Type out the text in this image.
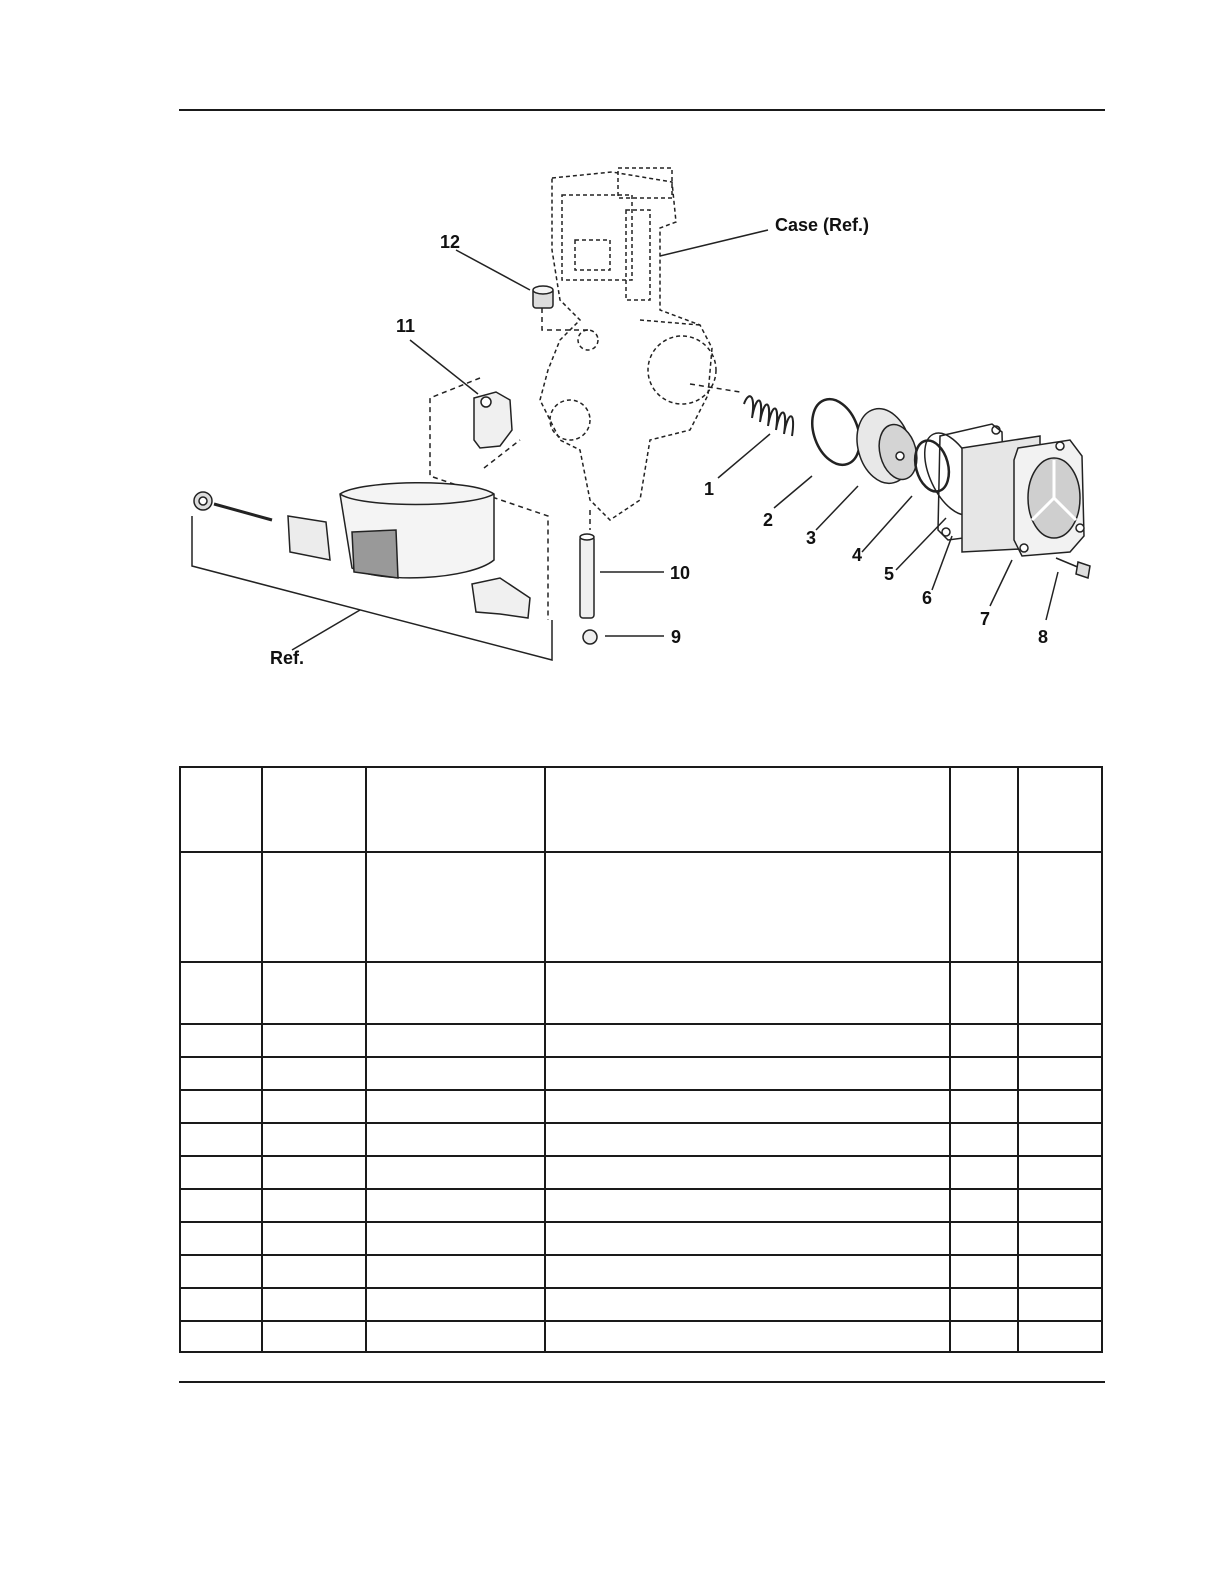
Case (Ref.)
Ref.
1
2
3
4
5
6
7
8
9
10
11
12
